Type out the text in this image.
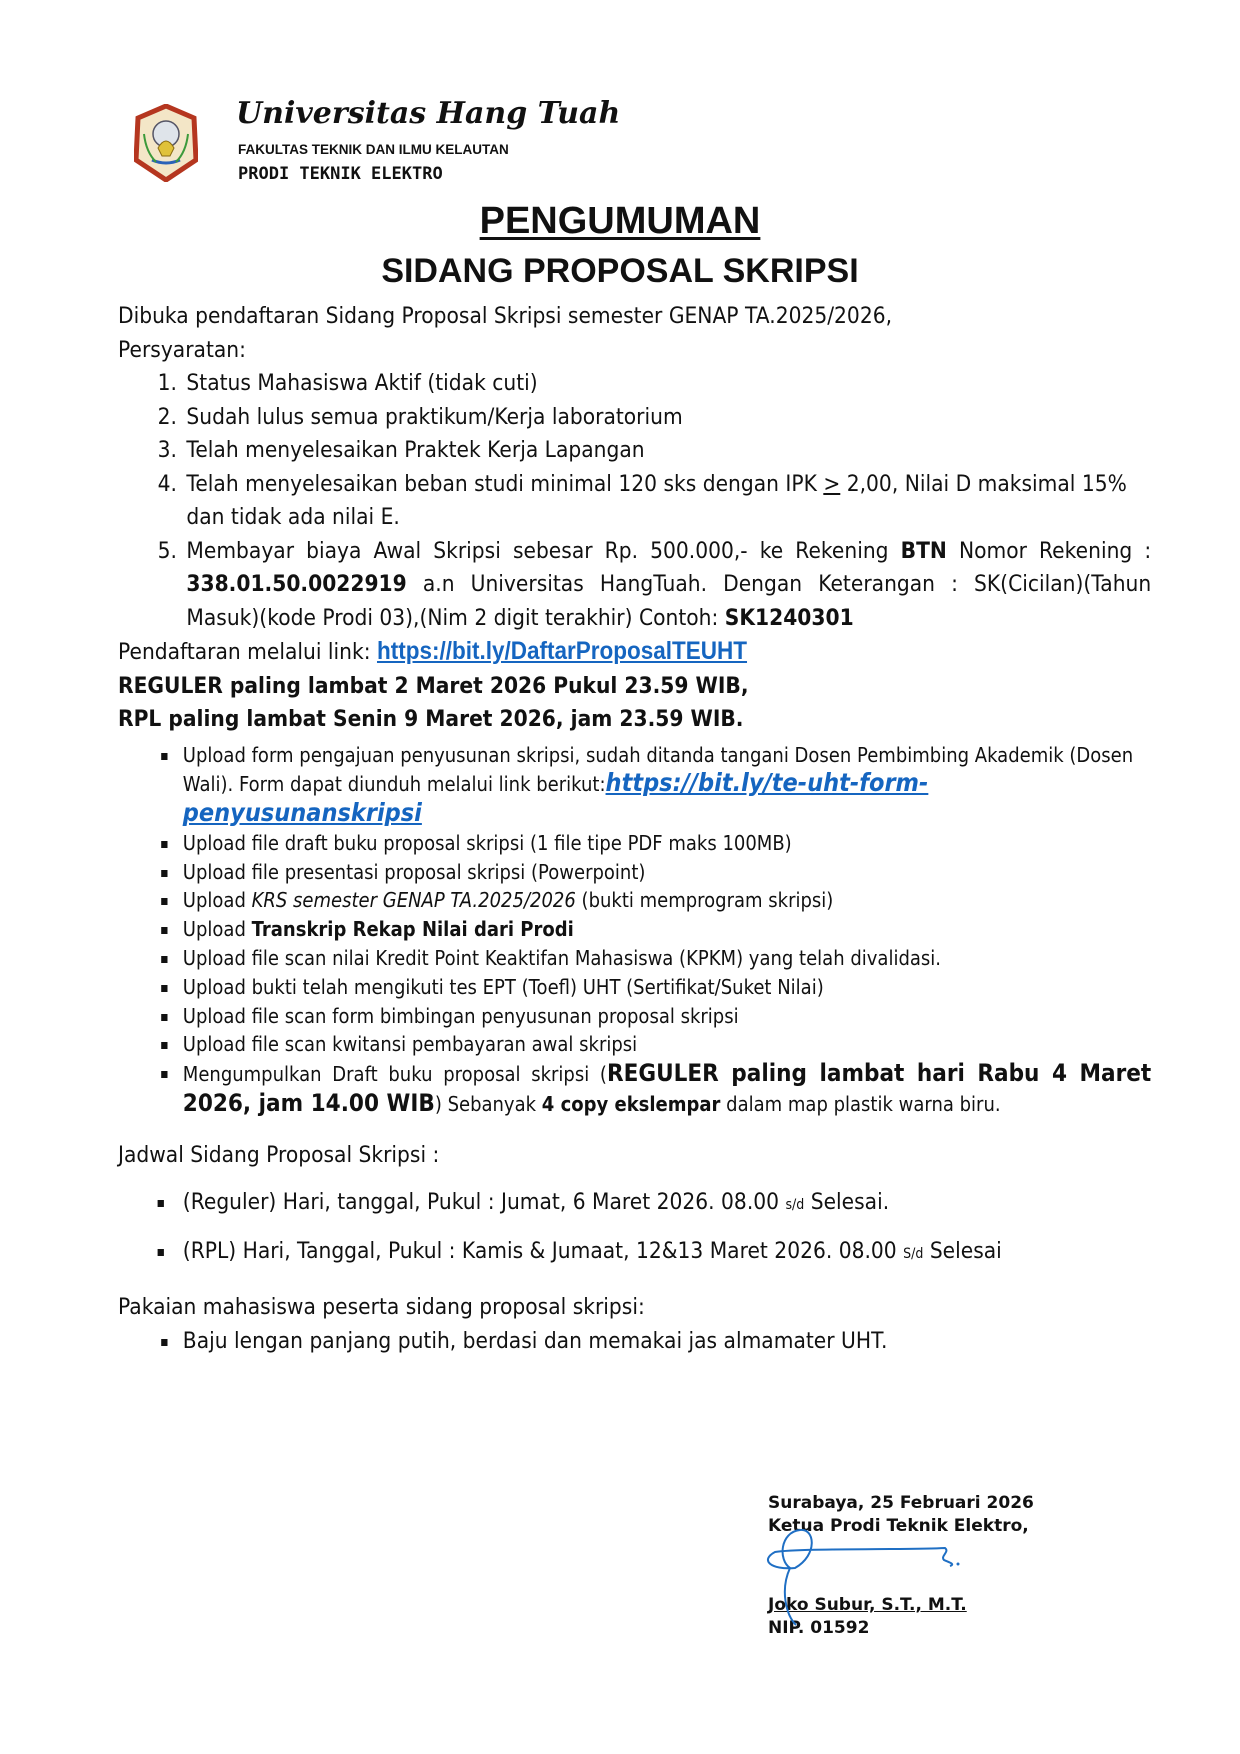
Universitas Hang Tuah
FAKULTAS TEKNIK DAN ILMU KELAUTAN
PRODI TEKNIK ELEKTRO
PENGUMUMAN
SIDANG PROPOSAL SKRIPSI

Dibuka pendaftaran Sidang Proposal Skripsi semester GENAP TA.2025/2026,

Persyaratan:

1. Status Mahasiswa Aktif (tidak cuti)
2. Sudah lulus semua praktikum/Kerja laboratorium
3. Telah menyelesaikan Praktek Kerja Lapangan
4. Telah menyelesaikan beban studi minimal 120 sks dengan IPK ≥ 2,00, Nilai D maksimal 15% dan tidak ada nilai E.
5. Membayar biaya Awal Skripsi sebesar Rp. 500.000,- ke Rekening BTN Nomor Rekening : 338.01.50.0022919 a.n Universitas HangTuah. Dengan Keterangan : SK(Cicilan)(Tahun Masuk)(kode Prodi 03),(Nim 2 digit terakhir) Contoh: SK1240301

Pendaftaran melalui link: https://bit.ly/DaftarProposalTEUHT

REGULER paling lambat 2 Maret 2026 Pukul 23.59 WIB,

RPL paling lambat Senin 9 Maret 2026, jam 23.59 WIB.

Upload form pengajuan penyusunan skripsi, sudah ditanda tangani Dosen Pembimbing Akademik (Dosen Wali). Form dapat diunduh melalui link berikut:https://bit.ly/te-uht-form-penyusunanskripsi
Upload file draft buku proposal skripsi (1 file tipe PDF maks 100MB)
Upload file presentasi proposal skripsi (Powerpoint)
Upload KRS semester GENAP TA.2025/2026 (bukti memprogram skripsi)
Upload Transkrip Rekap Nilai dari Prodi
Upload file scan nilai Kredit Point Keaktifan Mahasiswa (KPKM) yang telah divalidasi.
Upload bukti telah mengikuti tes EPT (Toefl) UHT (Sertifikat/Suket Nilai)
Upload file scan form bimbingan penyusunan proposal skripsi
Upload file scan kwitansi pembayaran awal skripsi
Mengumpulkan Draft buku proposal skripsi (REGULER paling lambat hari Rabu 4 Maret 2026, jam 14.00 WIB) Sebanyak 4 copy ekslempar dalam map plastik warna biru.

Jadwal Sidang Proposal Skripsi :

(Reguler) Hari, tanggal, Pukul : Jumat, 6 Maret 2026. 08.00 s/d Selesai.
(RPL) Hari, Tanggal, Pukul : Kamis & Jumaat, 12&13 Maret 2026. 08.00 S/d Selesai

Pakaian mahasiswa peserta sidang proposal skripsi:

Baju lengan panjang putih, berdasi dan memakai jas almamater UHT.
Surabaya, 25 Februari 2026
Ketua Prodi Teknik Elektro,
Joko Subur, S.T., M.T.
NIP. 01592
